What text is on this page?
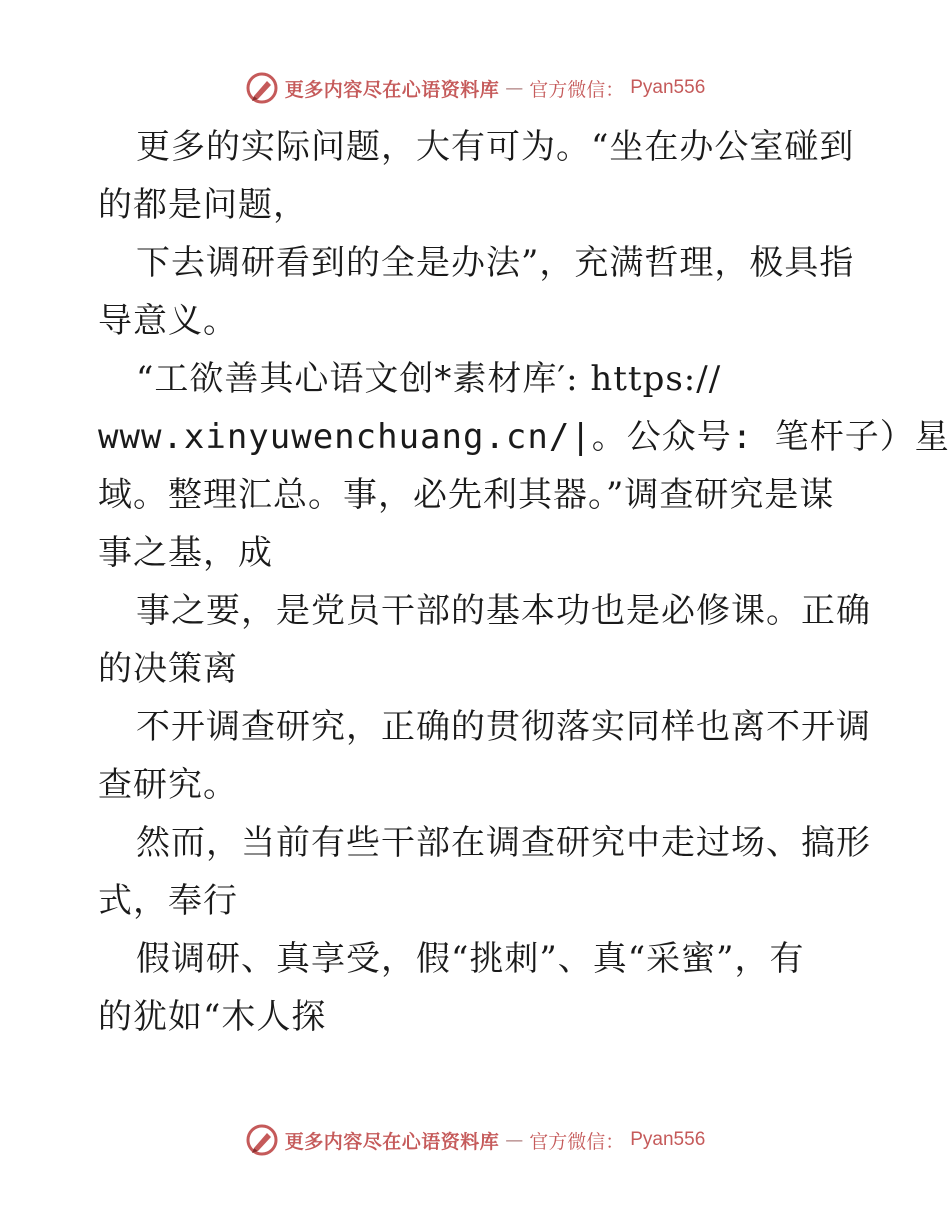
更多内容尽在心语资料库 — 官方微信： Pyan556
更多的实际问题，大有可为。“坐在办公室碰到
的都是问题，
下去调研看到的全是办法”，充满哲理，极具指
导意义。
“工欲善其心语文创*素材库′: https://
www.xinyuwenchuang.cn/|。公众号: 笔杆子）星
域。整理汇总。事，必先利其器。”调查研究是谋
事之基，成
事之要，是党员干部的基本功也是必修课。正确
的决策离
不开调查研究，正确的贯彻落实同样也离不开调
查研究。
然而，当前有些干部在调查研究中走过场、搞形
式，奉行
假调研、真享受，假“挑刺”、真“采蜜”，有
的犹如“木人探
更多内容尽在心语资料库 — 官方微信： Pyan556
